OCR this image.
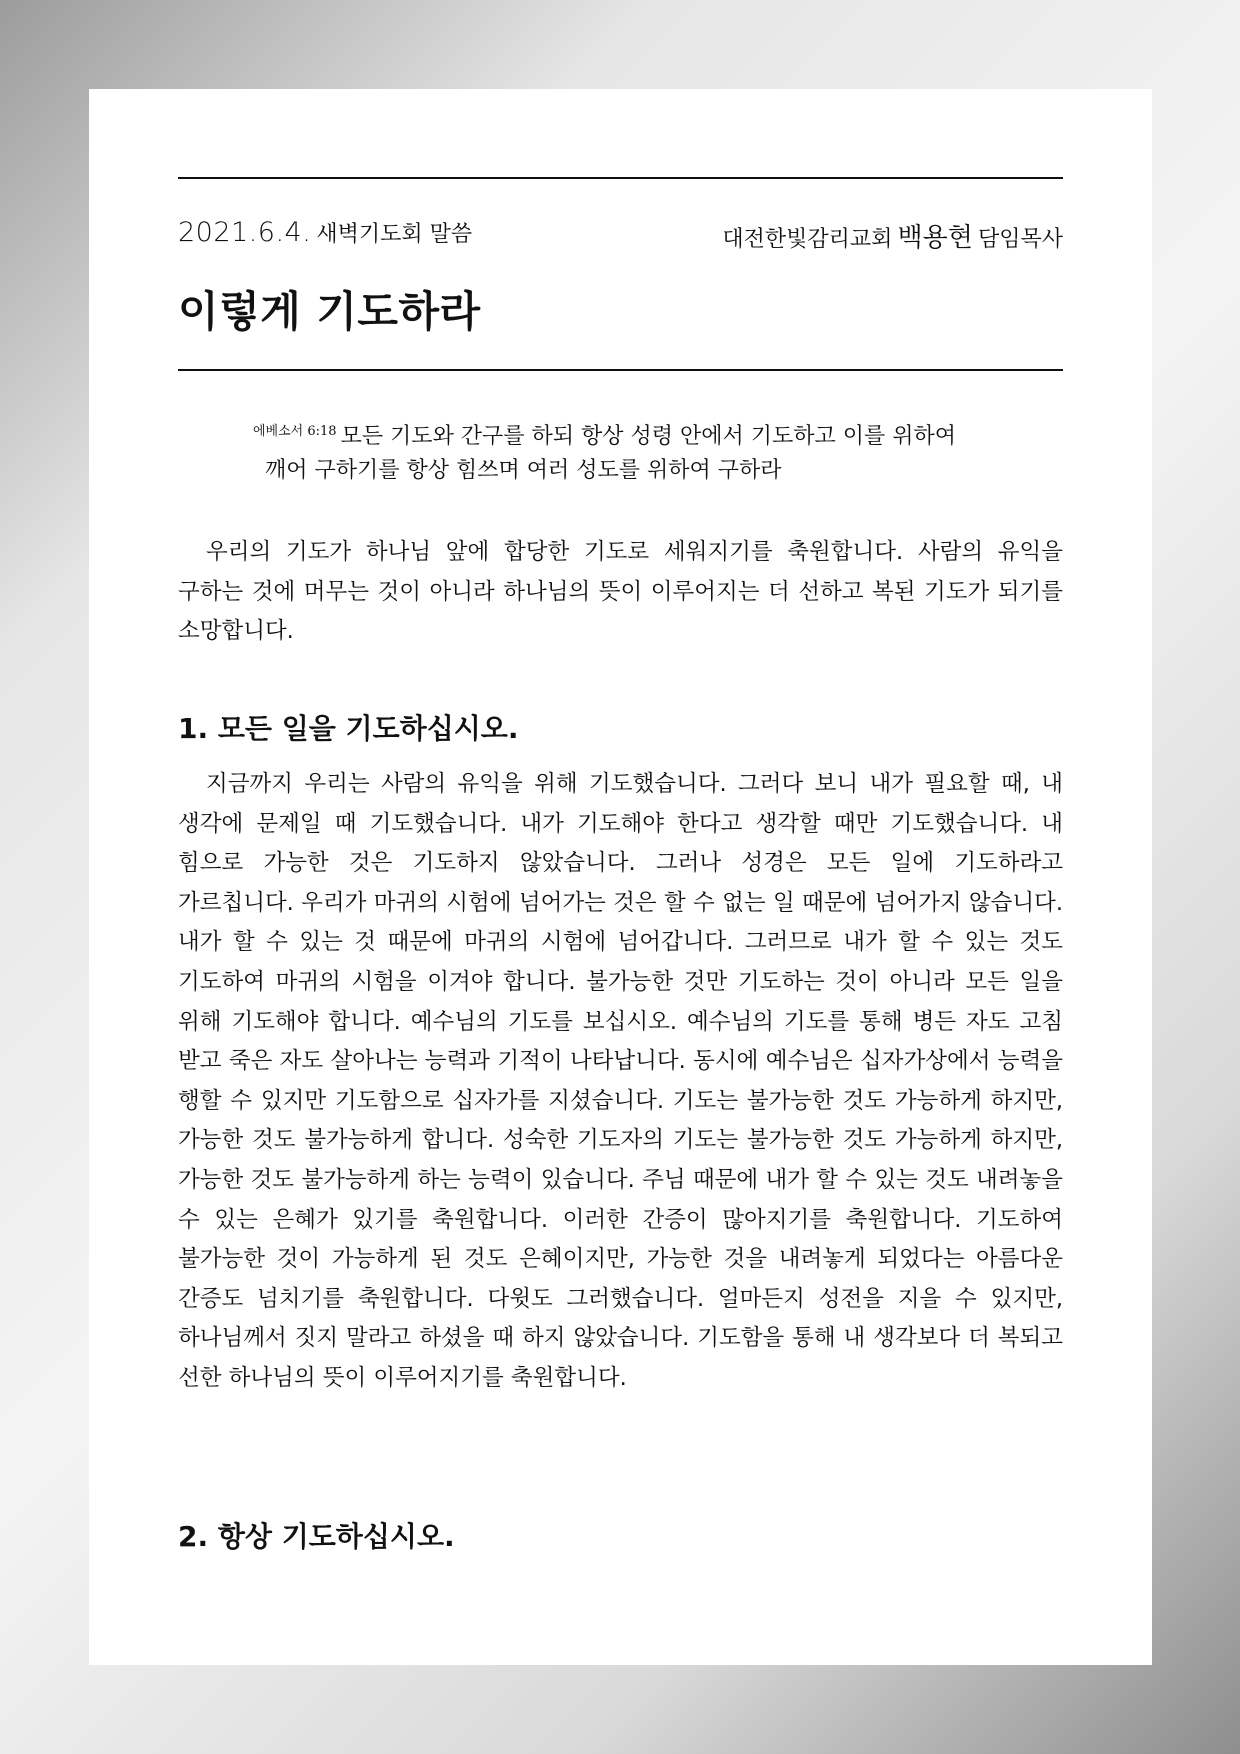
2021.6.4. 새벽기도회 말씀	대전한빛감리교회 백용현 담임목사
이렇게 기도하라
$^{에베소서 6:18}$ 모든 기도와 간구를 하되 항상 성령 안에서 기도하고 이를 위하여
깨어 구하기를 항상 힘쓰며 여러 성도를 위하여 구하라

우리의 기도가 하나님 앞에 합당한 기도로 세워지기를 축원합니다. 사람의 유익을 구하는 것에 머무는 것이 아니라 하나님의 뜻이 이루어지는 더 선하고 복된 기도가 되기를 소망합니다.

1. 모든 일을 기도하십시오.

지금까지 우리는 사람의 유익을 위해 기도했습니다. 그러다 보니 내가 필요할 때, 내 생각에 문제일 때 기도했습니다. 내가 기도해야 한다고 생각할 때만 기도했습니다. 내 힘으로 가능한 것은 기도하지 않았습니다. 그러나 성경은 모든 일에 기도하라고 가르칩니다. 우리가 마귀의 시험에 넘어가는 것은 할 수 없는 일 때문에 넘어가지 않습니다. 내가 할 수 있는 것 때문에 마귀의 시험에 넘어갑니다. 그러므로 내가 할 수 있는 것도 기도하여 마귀의 시험을 이겨야 합니다. 불가능한 것만 기도하는 것이 아니라 모든 일을 위해 기도해야 합니다. 예수님의 기도를 보십시오. 예수님의 기도를 통해 병든 자도 고침 받고 죽은 자도 살아나는 능력과 기적이 나타납니다. 동시에 예수님은 십자가상에서 능력을 행할 수 있지만 기도함으로 십자가를 지셨습니다. 기도는 불가능한 것도 가능하게 하지만, 가능한 것도 불가능하게 합니다. 성숙한 기도자의 기도는 불가능한 것도 가능하게 하지만, 가능한 것도 불가능하게 하는 능력이 있습니다. 주님 때문에 내가 할 수 있는 것도 내려놓을 수 있는 은혜가 있기를 축원합니다. 이러한 간증이 많아지기를 축원합니다. 기도하여 불가능한 것이 가능하게 된 것도 은혜이지만, 가능한 것을 내려놓게 되었다는 아름다운 간증도 넘치기를 축원합니다. 다윗도 그러했습니다. 얼마든지 성전을 지을 수 있지만, 하나님께서 짓지 말라고 하셨을 때 하지 않았습니다. 기도함을 통해 내 생각보다 더 복되고 선한 하나님의 뜻이 이루어지기를 축원합니다.

2. 항상 기도하십시오.
